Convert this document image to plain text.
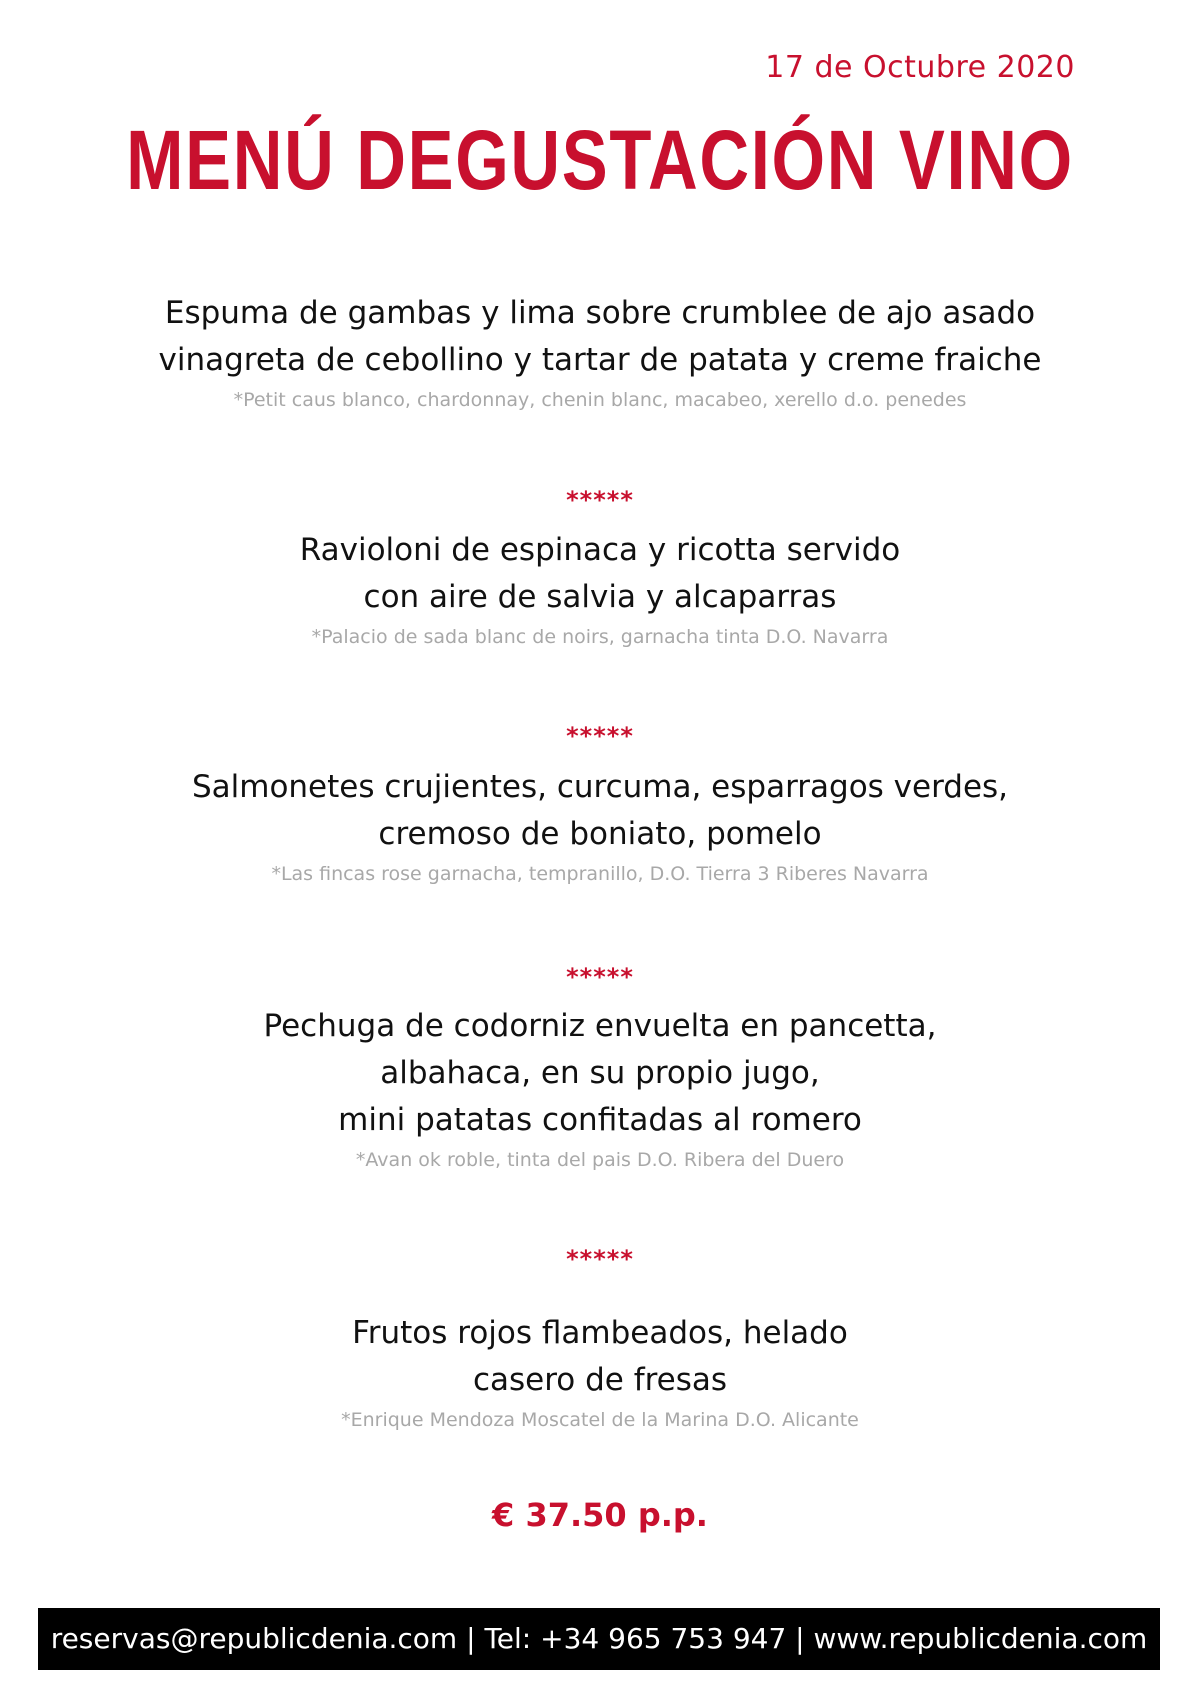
17 de Octubre 2020
MENÚ DEGUSTACIÓN VINO
Espuma de gambas y lima sobre crumblee de ajo asado
vinagreta de cebollino y tartar de patata y creme fraiche
*Petit caus blanco, chardonnay, chenin blanc, macabeo, xerello d.o. penedes
*****
Ravioloni de espinaca y ricotta servido
con aire de salvia y alcaparras
*Palacio de sada blanc de noirs, garnacha tinta D.O. Navarra
*****
Salmonetes crujientes, curcuma, esparragos verdes,
cremoso de boniato, pomelo
*Las fincas rose garnacha, tempranillo, D.O. Tierra 3 Riberes Navarra
*****
Pechuga de codorniz envuelta en pancetta,
albahaca, en su propio jugo,
mini patatas confitadas al romero
*Avan ok roble, tinta del pais D.O. Ribera del Duero
*****
Frutos rojos flambeados, helado
casero de fresas
*Enrique Mendoza Moscatel de la Marina D.O. Alicante
€ 37.50 p.p.
reservas@republicdenia.com | Tel: +34 965 753 947 | www.republicdenia.com
